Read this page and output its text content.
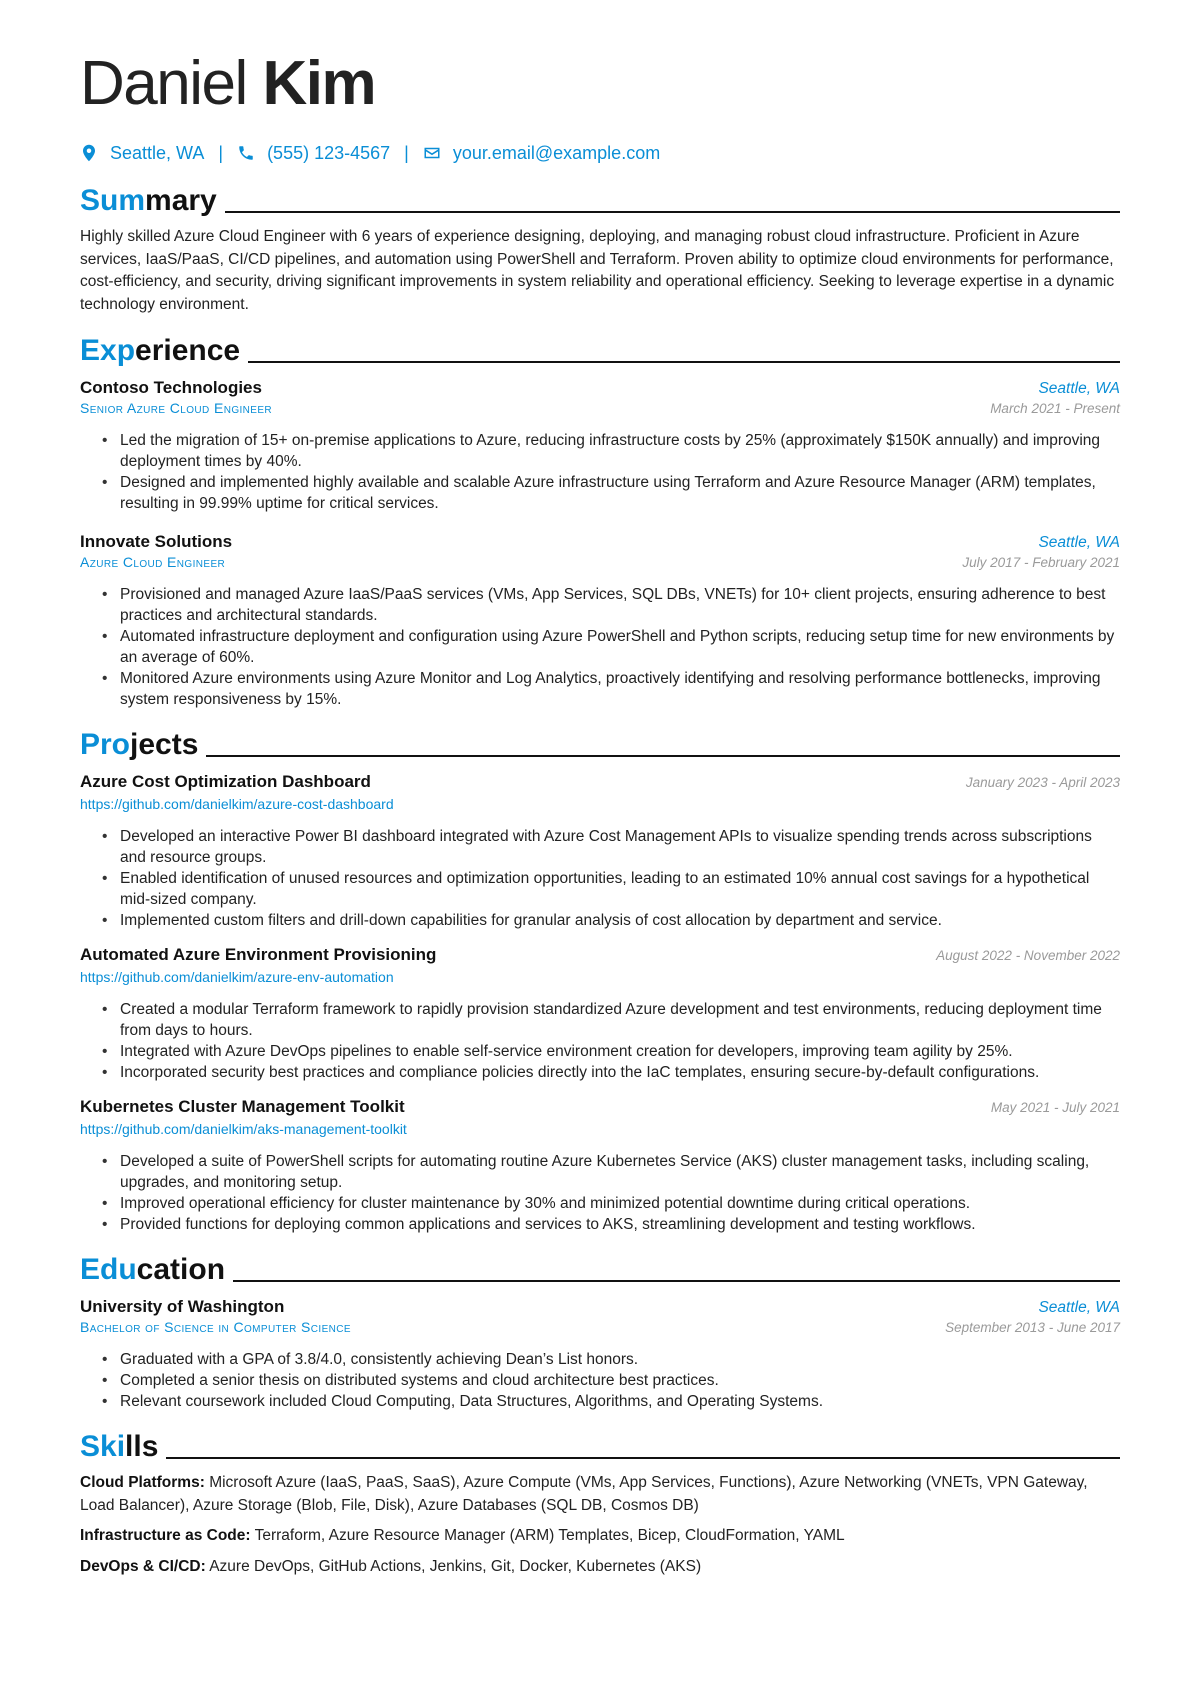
Daniel Kim
Seattle, WA | (555) 123-4567 | your.email@example.com
Summary

Highly skilled Azure Cloud Engineer with 6 years of experience designing, deploying, and managing robust cloud infrastructure. Proficient in Azure services, IaaS/PaaS, CI/CD pipelines, and automation using PowerShell and Terraform. Proven ability to optimize cloud environments for performance, cost-efficiency, and security, driving significant improvements in system reliability and operational efficiency. Seeking to leverage expertise in a dynamic technology environment.

Experience
Contoso Technologies	Seattle, WA
Senior Azure Cloud Engineer	March 2021 - Present
• Led the migration of 15+ on-premise applications to Azure, reducing infrastructure costs by 25% (approximately $150K annually) and improving deployment times by 40%.
• Designed and implemented highly available and scalable Azure infrastructure using Terraform and Azure Resource Manager (ARM) templates, resulting in 99.99% uptime for critical services.
Innovate Solutions	Seattle, WA
Azure Cloud Engineer	July 2017 - February 2021
• Provisioned and managed Azure IaaS/PaaS services (VMs, App Services, SQL DBs, VNETs) for 10+ client projects, ensuring adherence to best practices and architectural standards.
• Automated infrastructure deployment and configuration using Azure PowerShell and Python scripts, reducing setup time for new environments by an average of 60%.
• Monitored Azure environments using Azure Monitor and Log Analytics, proactively identifying and resolving performance bottlenecks, improving system responsiveness by 15%.
Projects
Azure Cost Optimization Dashboard	January 2023 - April 2023
https://github.com/danielkim/azure-cost-dashboard
• Developed an interactive Power BI dashboard integrated with Azure Cost Management APIs to visualize spending trends across subscriptions and resource groups.
• Enabled identification of unused resources and optimization opportunities, leading to an estimated 10% annual cost savings for a hypothetical mid-sized company.
• Implemented custom filters and drill-down capabilities for granular analysis of cost allocation by department and service.
Automated Azure Environment Provisioning	August 2022 - November 2022
https://github.com/danielkim/azure-env-automation
• Created a modular Terraform framework to rapidly provision standardized Azure development and test environments, reducing deployment time from days to hours.
• Integrated with Azure DevOps pipelines to enable self-service environment creation for developers, improving team agility by 25%.
• Incorporated security best practices and compliance policies directly into the IaC templates, ensuring secure-by-default configurations.
Kubernetes Cluster Management Toolkit	May 2021 - July 2021
https://github.com/danielkim/aks-management-toolkit
• Developed a suite of PowerShell scripts for automating routine Azure Kubernetes Service (AKS) cluster management tasks, including scaling, upgrades, and monitoring setup.
• Improved operational efficiency for cluster maintenance by 30% and minimized potential downtime during critical operations.
• Provided functions for deploying common applications and services to AKS, streamlining development and testing workflows.
Education
University of Washington	Seattle, WA
Bachelor of Science in Computer Science	September 2013 - June 2017
• Graduated with a GPA of 3.8/4.0, consistently achieving Dean’s List honors.
• Completed a senior thesis on distributed systems and cloud architecture best practices.
• Relevant coursework included Cloud Computing, Data Structures, Algorithms, and Operating Systems.
Skills

Cloud Platforms: Microsoft Azure (IaaS, PaaS, SaaS), Azure Compute (VMs, App Services, Functions), Azure Networking (VNETs, VPN Gateway, Load Balancer), Azure Storage (Blob, File, Disk), Azure Databases (SQL DB, Cosmos DB)

Infrastructure as Code: Terraform, Azure Resource Manager (ARM) Templates, Bicep, CloudFormation, YAML

DevOps & CI/CD: Azure DevOps, GitHub Actions, Jenkins, Git, Docker, Kubernetes (AKS)
